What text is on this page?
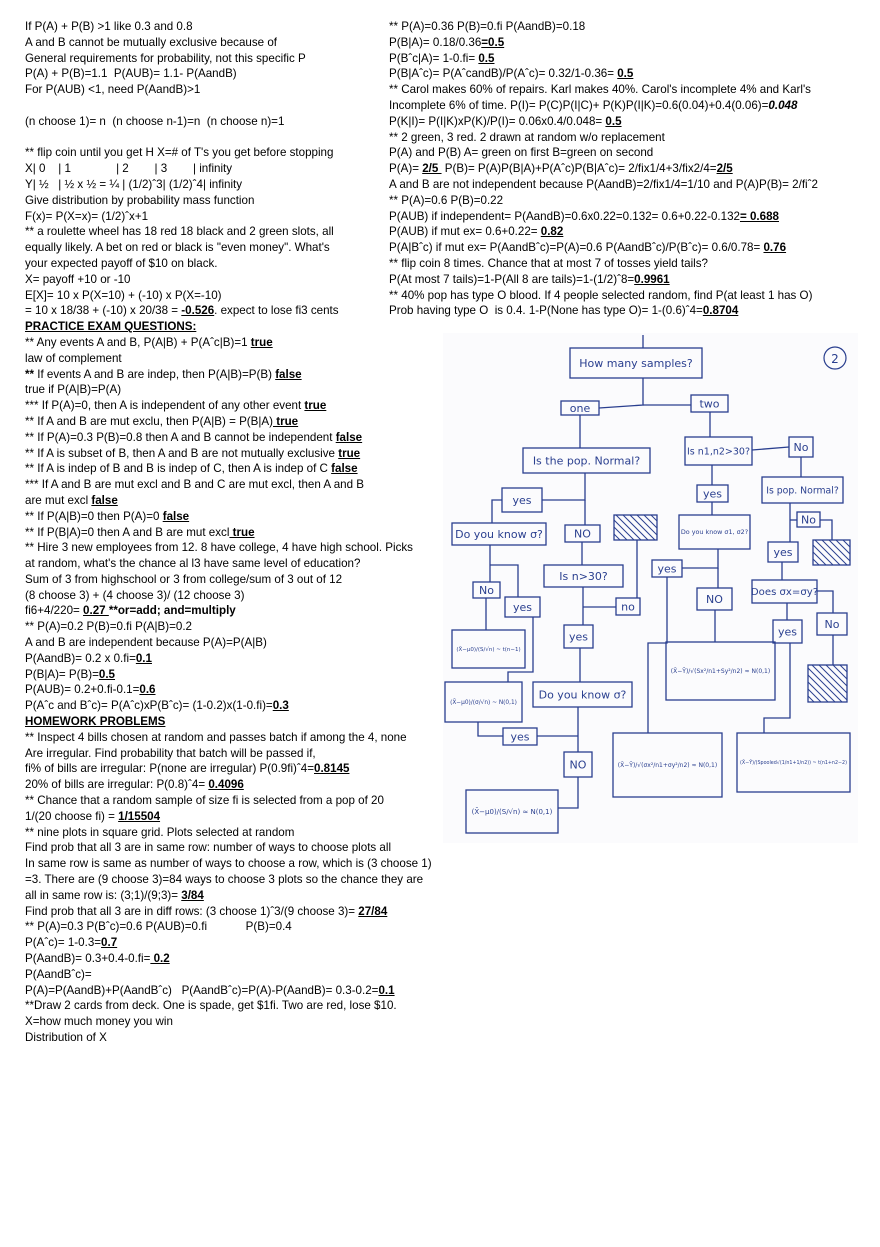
If P(A) + P(B) >1 like 0.3 and 0.8
A and B cannot be mutually exclusive because of
General requirements for probability, not this specific P
P(A) + P(B)=1.1  P(AUB)= 1.1- P(AandB)
For P(AUB) <1, need P(AandB)>1
(n choose 1)= n  (n choose n-1)=n  (n choose n)=1
** flip coin until you get H X=# of T's you get before stopping
X| 0    | 1              | 2        | 3        | infinity
Y| ½   | ½ x ½ = ¼ | (1/2)ˆ3| (1/2)ˆ4| infinity
Give distribution by probability mass function
F(x)= P(X=x)= (1/2)ˆx+1
** a roulette wheel has 18 red 18 black and 2 green slots, all
equally likely. A bet on red or black is "even money". What's
your expected payoff of $10 on black.
X= payoff +10 or -10
E[X]= 10 x P(X=10) + (-10) x P(X=-10)
= 10 x 18/38 + (-10) x 20/38 = -0.526. expect to lose fi3 cents
PRACTICE EXAM QUESTIONS:
** Any events A and B, P(A|B) + P(Aˆc|B)=1 true
law of complement
** If events A and B are indep, then P(A|B)=P(B) false
true if P(A|B)=P(A)
*** If P(A)=0, then A is independent of any other event true
** If A and B are mut exclu, then P(A|B) = P(B|A) true
** If P(A)=0.3 P(B)=0.8 then A and B cannot be independent false
** If A is subset of B, then A and B are not mutually exclusive true
** If A is indep of B and B is indep of C, then A is indep of C false
*** If A and B are mut excl and B and C are mut excl, then A and B
are mut excl false
** If P(A|B)=0 then P(A)=0 false
** If P(B|A)=0 then A and B are mut excl true
** Hire 3 new employees from 12. 8 have college, 4 have high school. Picks
at random, what's the chance al l3 have same level of education?
Sum of 3 from highschool or 3 from college/sum of 3 out of 12
(8 choose 3) + (4 choose 3)/ (12 choose 3)
fi6+4/220= 0.27 **or=add; and=multiply
** P(A)=0.2 P(B)=0.fi P(A|B)=0.2
A and B are independent because P(A)=P(A|B)
P(AandB)= 0.2 x 0.fi=0.1
P(B|A)= P(B)=0.5
P(AUB)= 0.2+0.fi-0.1=0.6
P(Aˆc and Bˆc)= P(Aˆc)xP(Bˆc)= (1-0.2)x(1-0.fi)=0.3
HOMEWORK PROBLEMS
** Inspect 4 bills chosen at random and passes batch if among the 4, none
Are irregular. Find probability that batch will be passed if,
fi% of bills are irregular: P(none are irregular) P(0.9fi)ˆ4=0.8145
20% of bills are irregular: P(0.8)ˆ4= 0.4096
** Chance that a random sample of size fi is selected from a pop of 20
1/(20 choose fi) = 1/15504
** nine plots in square grid. Plots selected at random
Find prob that all 3 are in same row: number of ways to choose plots all
In same row is same as number of ways to choose a row, which is (3 choose 1)
=3. There are (9 choose 3)=84 ways to choose 3 plots so the chance they are
all in same row is: (3;1)/(9;3)= 3/84
Find prob that all 3 are in diff rows: (3 choose 1)ˆ3/(9 choose 3)= 27/84
** P(A)=0.3 P(Bˆc)=0.6 P(AUB)=0.fi            P(B)=0.4
P(Aˆc)= 1-0.3=0.7
P(AandB)= 0.3+0.4-0.fi= 0.2
P(AandBˆc)=
P(A)=P(AandB)+P(AandBˆc)   P(AandBˆc)=P(A)-P(AandB)= 0.3-0.2=0.1
**Draw 2 cards from deck. One is spade, get $1fi. Two are red, lose $10.
X=how much money you win
Distribution of X
** P(A)=0.36 P(B)=0.fi P(AandB)=0.18
P(B|A)= 0.18/0.36=0.5
P(Bˆc|A)= 1-0.fi= 0.5
P(B|Aˆc)= P(AˆcandB)/P(Aˆc)= 0.32/1-0.36= 0.5
** Carol makes 60% of repairs. Karl makes 40%. Carol's incomplete 4% and Karl's
Incomplete 6% of time. P(I)= P(C)P(I|C)+ P(K)P(I|K)=0.6(0.04)+0.4(0.06)=0.048
P(K|I)= P(I|K)xP(K)/P(I)= 0.06x0.4/0.048= 0.5
** 2 green, 3 red. 2 drawn at random w/o replacement
P(A) and P(B) A= green on first B=green on second
P(A)= 2/5  P(B)= P(A)P(B|A)+P(Aˆc)P(B|Aˆc)= 2/fix1/4+3/fix2/4=2/5
A and B are not independent because P(AandB)=2/fix1/4=1/10 and P(A)P(B)= 2/fiˆ2
** P(A)=0.6 P(B)=0.22
P(AUB) if independent= P(AandB)=0.6x0.22=0.132= 0.6+0.22-0.132= 0.688
P(AUB) if mut ex= 0.6+0.22= 0.82
P(A|Bˆc) if mut ex= P(AandBˆc)=P(A)=0.6 P(AandBˆc)/P(Bˆc)= 0.6/0.78= 0.76
** flip coin 8 times. Chance that at most 7 of tosses yield tails?
P(At most 7 tails)=1-P(All 8 are tails)=1-(1/2)ˆ8=0.9961
** 40% pop has type O blood. If 4 people selected random, find P(at least 1 has O)
Prob having type O  is 0.4. 1-P(None has type O)= 1-(0.6)ˆ4=0.8704
How many samples?
one	two
Is the pop. Normal?
Is n1,n2>30?	No
yes
Do you know σ?	NO
yes	Is pop. Normal?
Do you know σ1, σ2?
No
yes
No
yes
Is n>30?
no
yes
NO
Does σx=σy?
yes
No
(X̄−μ0)/(S/√n) ~ t(n−1)
yes
(X̄−Ȳ)/√(Sx²/n1+Sy²/n2) ≈ N(0,1)
(X̄−μ0)/(σ/√n) ~ N(0,1)
Do you know σ?
yes
NO	(X̄−Ȳ)/√(σx²/n1+σy²/n2) ≈ N(0,1)	(X̄−Ȳ)/(Spooled√(1/n1+1/n2)) ~ t(n1+n2−2)
(X̄−μ0)/(S/√n) ≈ N(0,1)
2
